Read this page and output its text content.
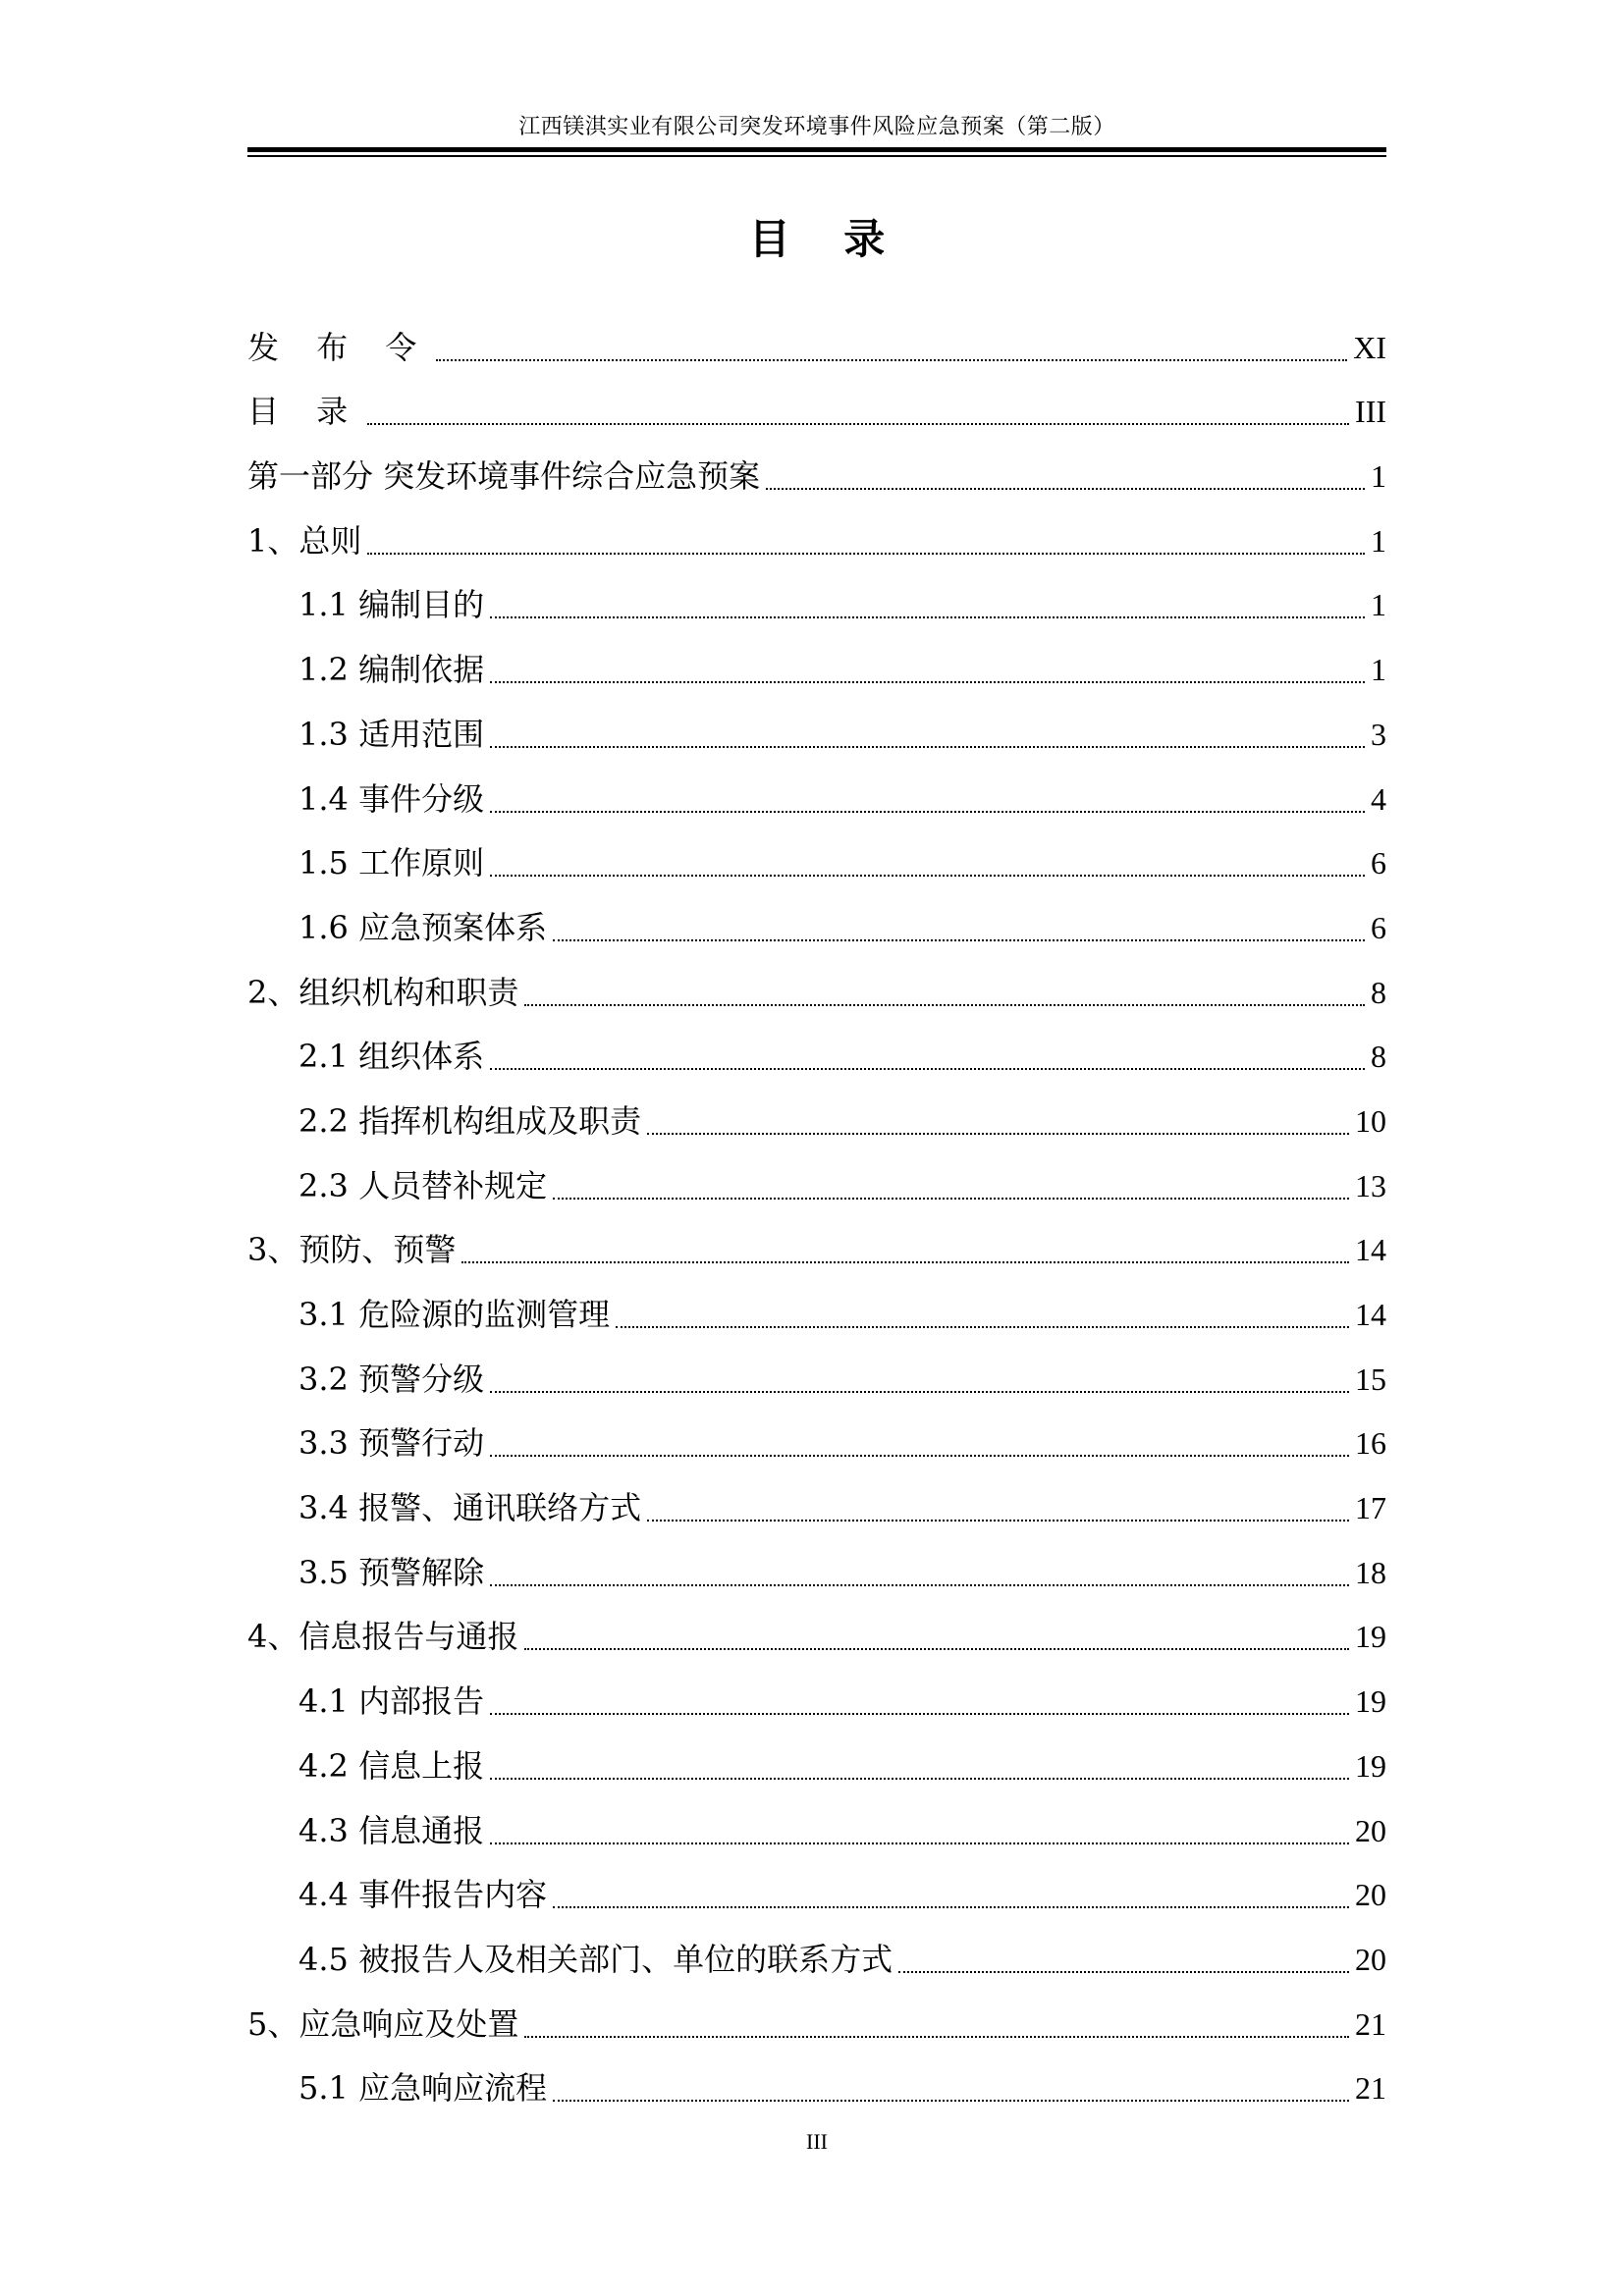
江西镁淇实业有限公司突发环境事件风险应急预案（第二版）
目 录
发 布 令	XI
目 录	III
第一部分 突发环境事件综合应急预案	1
1、总则	1
1.1 编制目的	1
1.2 编制依据	1
1.3 适用范围	3
1.4 事件分级	4
1.5 工作原则	6
1.6 应急预案体系	6
2、组织机构和职责	8
2.1 组织体系	8
2.2 指挥机构组成及职责	10
2.3 人员替补规定	13
3、预防、预警	14
3.1 危险源的监测管理	14
3.2 预警分级	15
3.3 预警行动	16
3.4 报警、通讯联络方式	17
3.5 预警解除	18
4、信息报告与通报	19
4.1 内部报告	19
4.2 信息上报	19
4.3 信息通报	20
4.4 事件报告内容	20
4.5 被报告人及相关部门、单位的联系方式	20
5、应急响应及处置	21
5.1 应急响应流程	21
III
